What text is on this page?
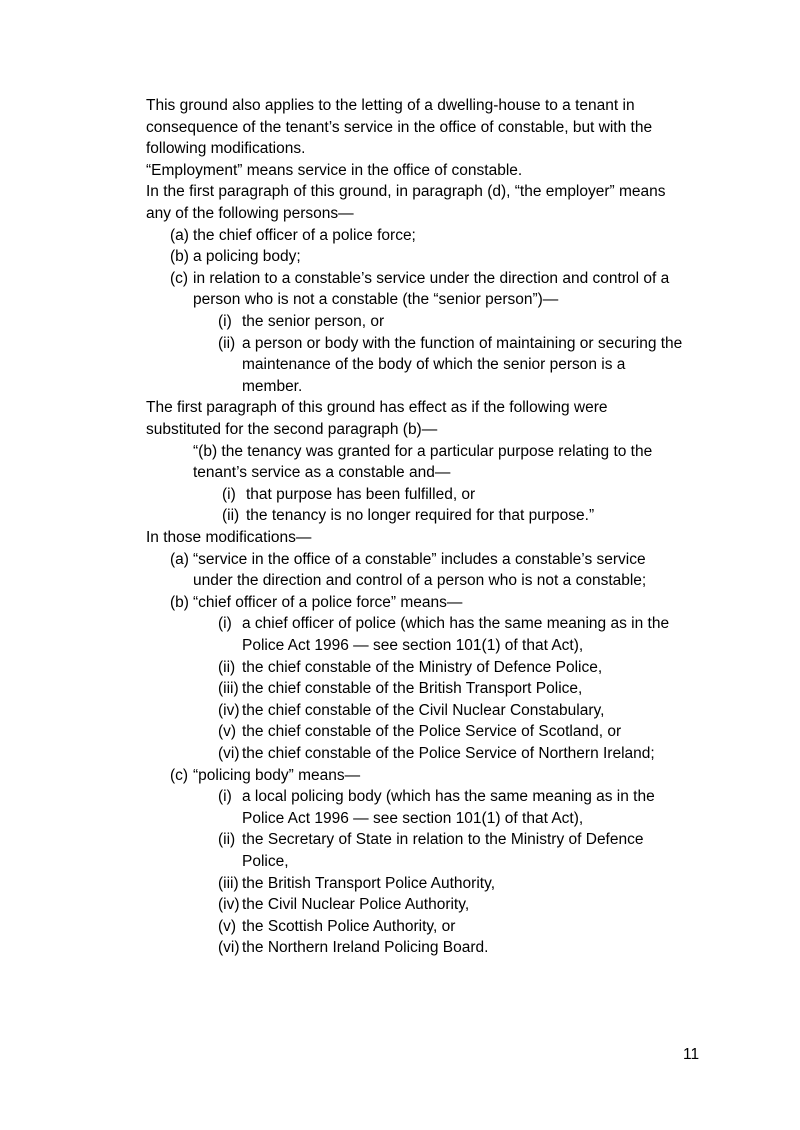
This ground also applies to the letting of a dwelling-house to a tenant in
consequence of the tenant’s service in the office of constable, but with the
following modifications.
“Employment” means service in the office of constable.
In the first paragraph of this ground, in paragraph (d), “the employer” means
any of the following persons—
(a) the chief officer of a police force;
(b) a policing body;
(c) in relation to a constable’s service under the direction and control of a
person who is not a constable (the “senior person”)—
(i) the senior person, or
(ii) a person or body with the function of maintaining or securing the
maintenance of the body of which the senior person is a
member.
The first paragraph of this ground has effect as if the following were
substituted for the second paragraph (b)—
“(b) the tenancy was granted for a particular purpose relating to the
tenant’s service as a constable and—
(i) that purpose has been fulfilled, or
(ii) the tenancy is no longer required for that purpose.”
In those modifications—
(a) “service in the office of a constable” includes a constable’s service
under the direction and control of a person who is not a constable;
(b) “chief officer of a police force” means—
(i) a chief officer of police (which has the same meaning as in the
Police Act 1996 — see section 101(1) of that Act),
(ii) the chief constable of the Ministry of Defence Police,
(iii) the chief constable of the British Transport Police,
(iv) the chief constable of the Civil Nuclear Constabulary,
(v) the chief constable of the Police Service of Scotland, or
(vi) the chief constable of the Police Service of Northern Ireland;
(c) “policing body” means—
(i) a local policing body (which has the same meaning as in the
Police Act 1996 — see section 101(1) of that Act),
(ii) the Secretary of State in relation to the Ministry of Defence
Police,
(iii) the British Transport Police Authority,
(iv) the Civil Nuclear Police Authority,
(v) the Scottish Police Authority, or
(vi) the Northern Ireland Policing Board.
11
